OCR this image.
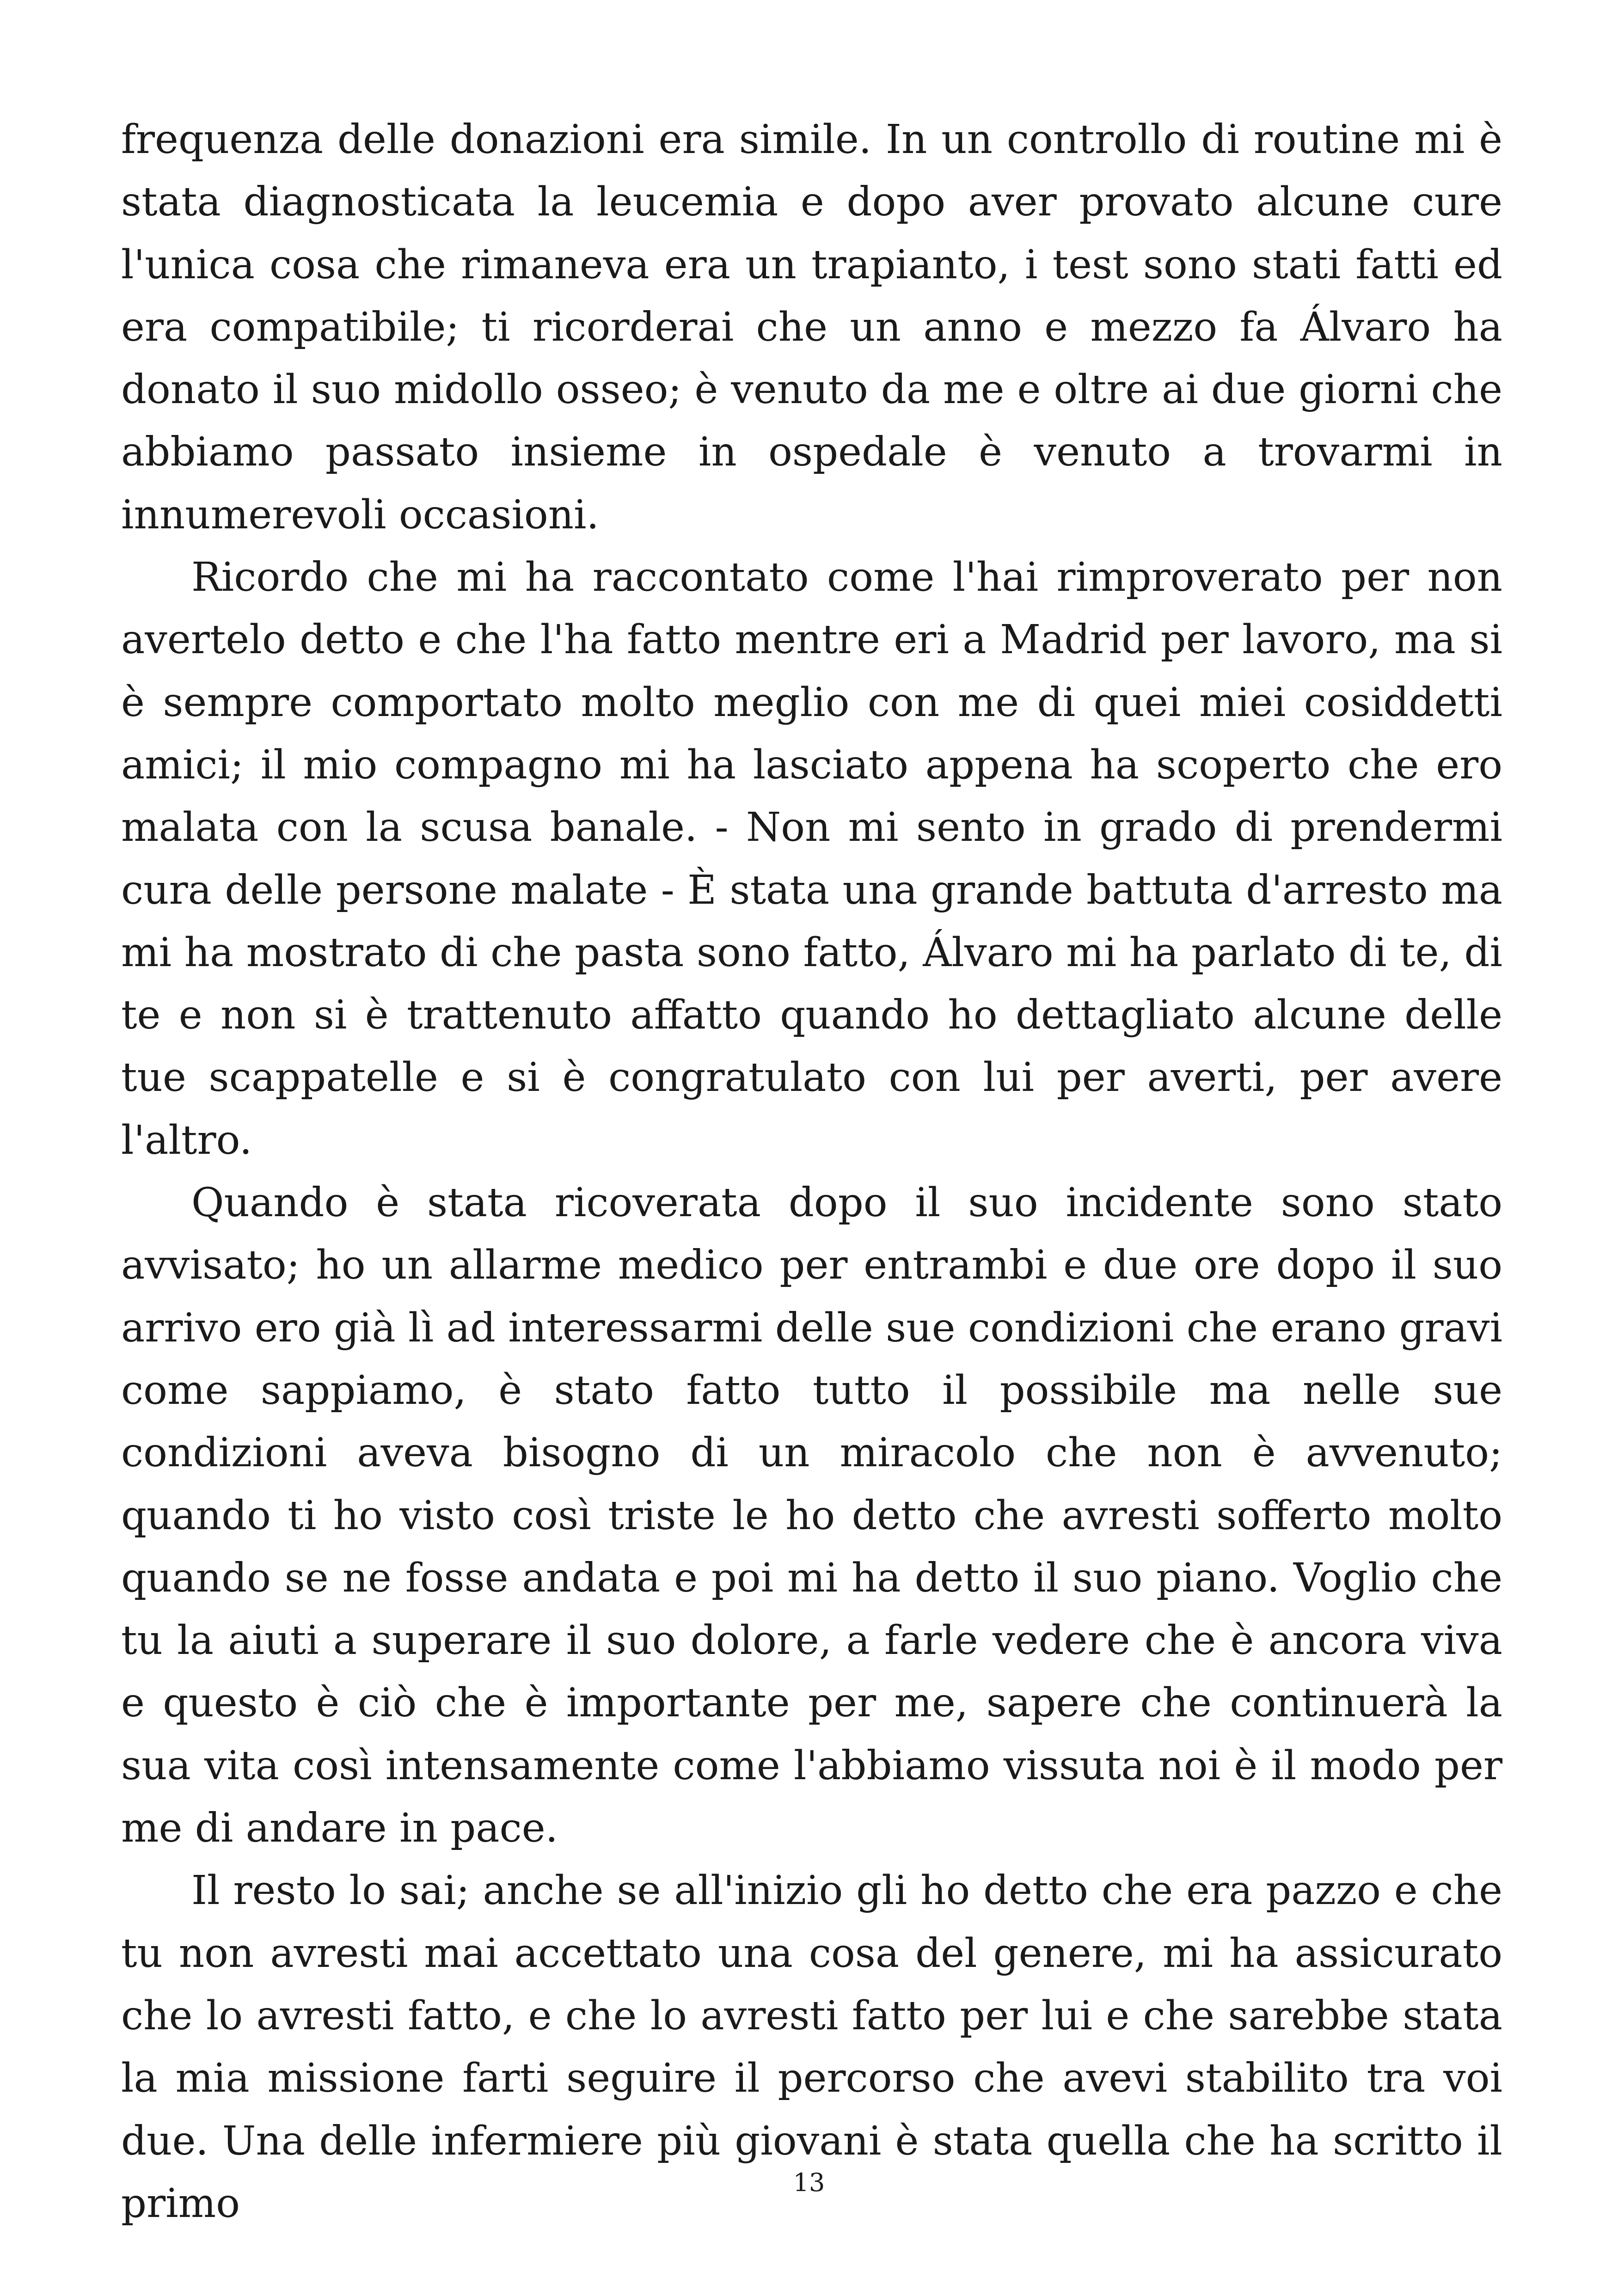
frequenza delle donazioni era simile. In un controllo di routine mi è stata diagnosticata la leucemia e dopo aver provato alcune cure l'unica cosa che rimaneva era un trapianto, i test sono stati fatti ed era compatibile; ti ricorderai che un anno e mezzo fa Álvaro ha donato il suo midollo osseo; è venuto da me e oltre ai due giorni che abbiamo passato insieme in ospedale è venuto a trovarmi in innumerevoli occasioni.

Ricordo che mi ha raccontato come l'hai rimproverato per non avertelo detto e che l'ha fatto mentre eri a Madrid per lavoro, ma si è sempre comportato molto meglio con me di quei miei cosiddetti amici; il mio compagno mi ha lasciato appena ha scoperto che ero malata con la scusa banale. - Non mi sento in grado di prendermi cura delle persone malate - È stata una grande battuta d'arresto ma mi ha mostrato di che pasta sono fatto, Álvaro mi ha parlato di te, di te e non si è trattenuto affatto quando ho dettagliato alcune delle tue scappatelle e si è congratulato con lui per averti, per avere l'altro.

Quando è stata ricoverata dopo il suo incidente sono stato avvisato; ho un allarme medico per entrambi e due ore dopo il suo arrivo ero già lì ad interessarmi delle sue condizioni che erano gravi come sappiamo, è stato fatto tutto il possibile ma nelle sue condizioni aveva bisogno di un miracolo che non è avvenuto; quando ti ho visto così triste le ho detto che avresti sofferto molto quando se ne fosse andata e poi mi ha detto il suo piano. Voglio che tu la aiuti a superare il suo dolore, a farle vedere che è ancora viva e questo è ciò che è importante per me, sapere che continuerà la sua vita così intensamente come l'abbiamo vissuta noi è il modo per me di andare in pace.

Il resto lo sai; anche se all'inizio gli ho detto che era pazzo e che tu non avresti mai accettato una cosa del genere, mi ha assicurato che lo avresti fatto, e che lo avresti fatto per lui e che sarebbe stata la mia missione farti seguire il percorso che avevi stabilito tra voi due. Una delle infermiere più giovani è stata quella che ha scritto il primo	13
